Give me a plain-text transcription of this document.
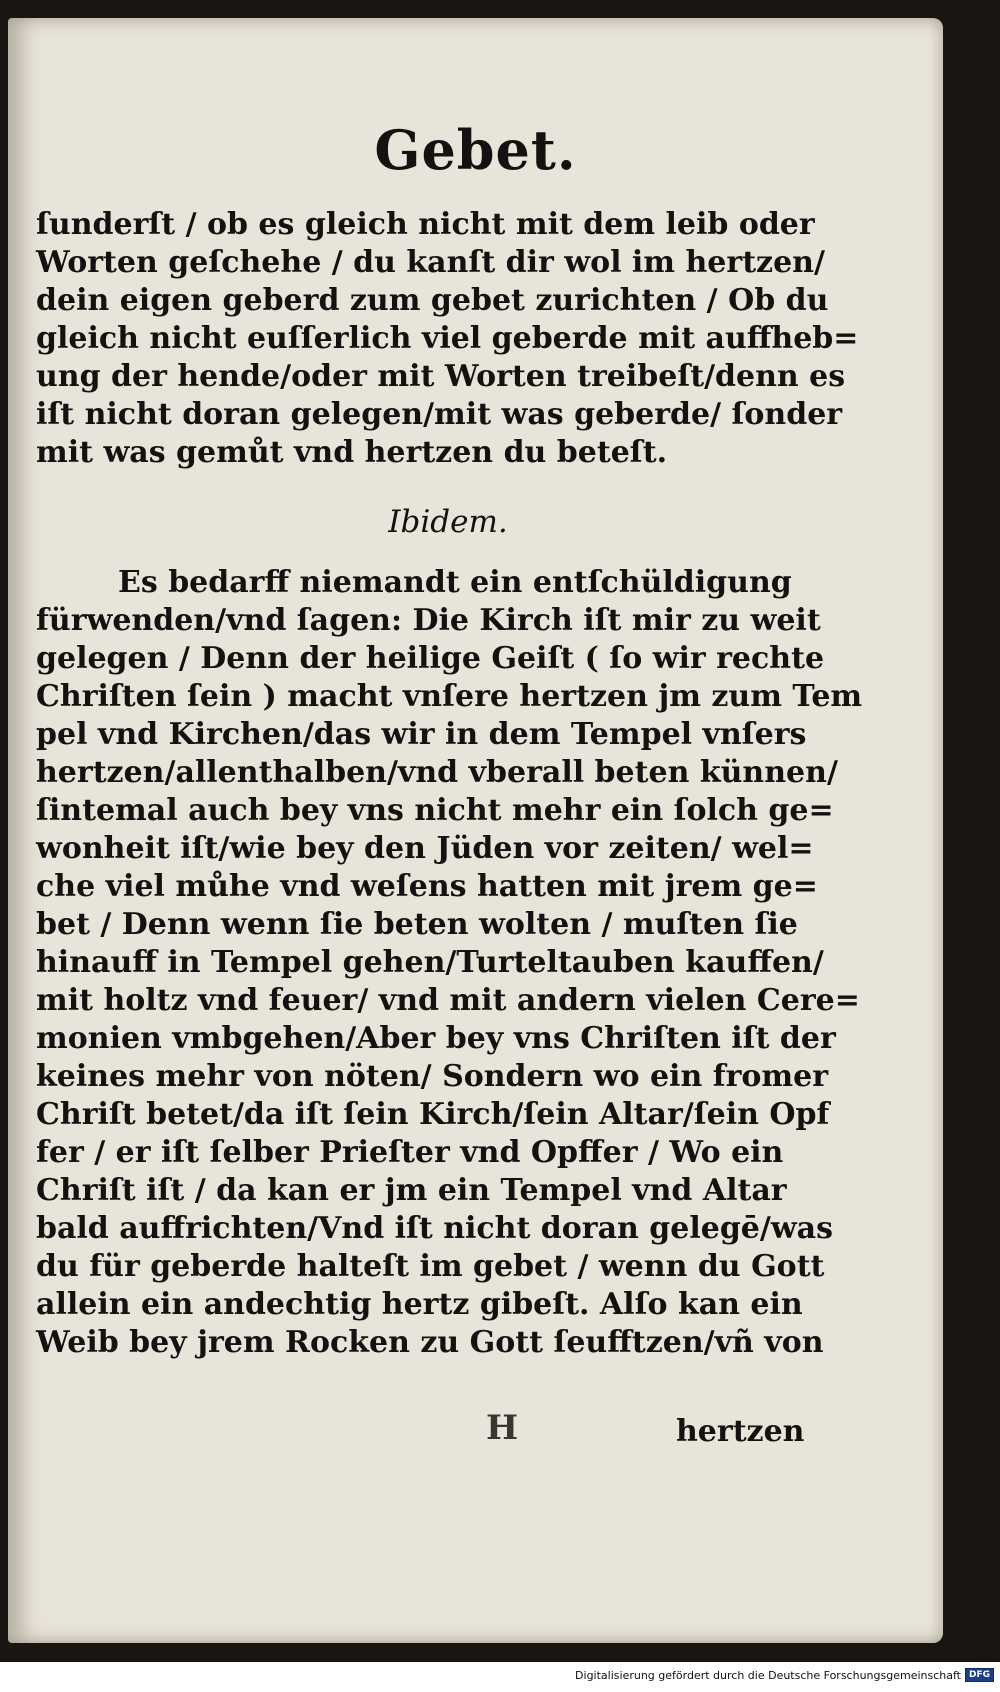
Gebet.
ſunderſt / ob es gleich nicht mit dem leib oder
Worten geſchehe / du kanſt dir wol im hertzen/
dein eigen geberd zum gebet zurichten / Ob du
gleich nicht euſſerlich viel geberde mit auffheb=
ung der hende/oder mit Worten treibeſt/denn es
iſt nicht doran gelegen/mit was geberde/ ſonder
mit was gemůt vnd hertzen du beteſt.
Ibidem.
Es bedarff niemandt ein entſchüldigung
fürwenden/vnd ſagen: Die Kirch iſt mir zu weit
gelegen / Denn der heilige Geiſt ( ſo wir rechte
Chriſten ſein ) macht vnſere hertzen jm zum Tem
pel vnd Kirchen/das wir in dem Tempel vnſers
hertzen/allenthalben/vnd vberall beten künnen/
ſintemal auch bey vns nicht mehr ein ſolch ge=
wonheit iſt/wie bey den Jüden vor zeiten/ wel=
che viel můhe vnd weſens hatten mit jrem ge=
bet / Denn wenn ſie beten wolten / muſten ſie
hinauff in Tempel gehen/Turteltauben kauffen/
mit holtz vnd feuer/ vnd mit andern vielen Cere=
monien vmbgehen/Aber bey vns Chriſten iſt der
keines mehr von nöten/ Sondern wo ein fromer
Chriſt betet/da iſt ſein Kirch/ſein Altar/ſein Opf
fer / er iſt ſelber Prieſter vnd Opffer / Wo ein
Chriſt iſt / da kan er jm ein Tempel vnd Altar
bald auffrichten/Vnd iſt nicht doran gelegē/was
du für geberde halteſt im gebet / wenn du Gott
allein ein andechtig hertz gibeſt. Alſo kan ein
Weib bey jrem Rocken zu Gott ſeufftzen/vñ von
H	hertzen
Digitalisierung gefördert durch die Deutsche Forschungsgemeinschaft DFG
